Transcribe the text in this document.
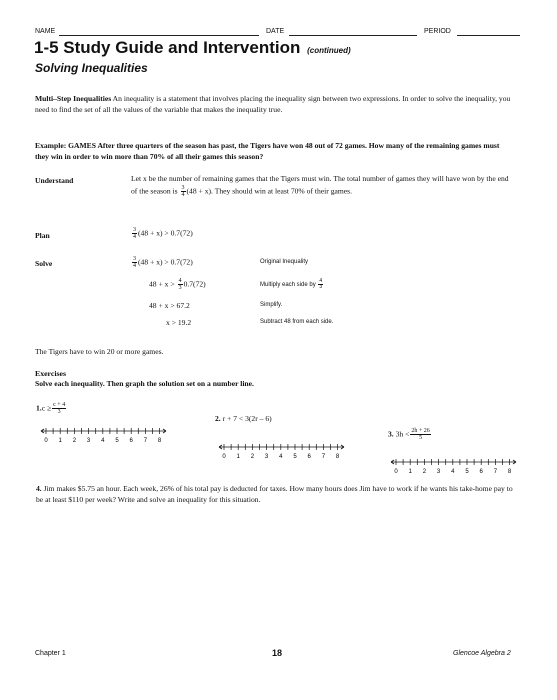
NAME	DATE	PERIOD
1-5 Study Guide and Intervention (continued)
Solving Inequalities
Multi–Step Inequalities An inequality is a statement that involves placing the inequality sign between two expressions. In order to solve the inequality, you need to find the set of all the values of the variable that makes the inequality true.
Example: GAMES After three quarters of the season has past, the Tigers have won 48 out of 72 games. How many of the remaining games must they win in order to win more than 70% of all their games this season?
Understand	Let x be the number of remaining games that the Tigers must win. The total number of games they will have won by the end of the season is $\frac{3}{4} (48 + x)$. They should win at least 70% of their games.
Plan	$\frac{3}{4} (48 + x) > 0.7(72)$
Solve	$\frac{3}{4} (48 + x) > 0.7(72)$	Original Inequality
$48 + x > \frac{4}{3} 0.7(72)$	Multiply each side by $\frac{4}{3}$
48 + x > 67.2	Simplify.
x > 19.2	Subtract 48 from each side.
The Tigers have to win 20 or more games.
Exercises
Solve each inequality. Then graph the solution set on a number line.
$1.c \ge \frac{c + 4}{3}$
0 1 2 3 4 5 6 7 8
2. r + 7 < 3(2r – 6)
0 1 2 3 4 5 6 7 8
3. $3h < \frac{2h + 26}{5}$
0 1 2 3 4 5 6 7 8
4. Jim makes $5.75 an hour. Each week, 26% of his total pay is deducted for taxes. How many hours does Jim have to work if he wants his take-home pay to be at least $110 per week? Write and solve an inequality for this situation.
Chapter 1	18	Glencoe Algebra 2
